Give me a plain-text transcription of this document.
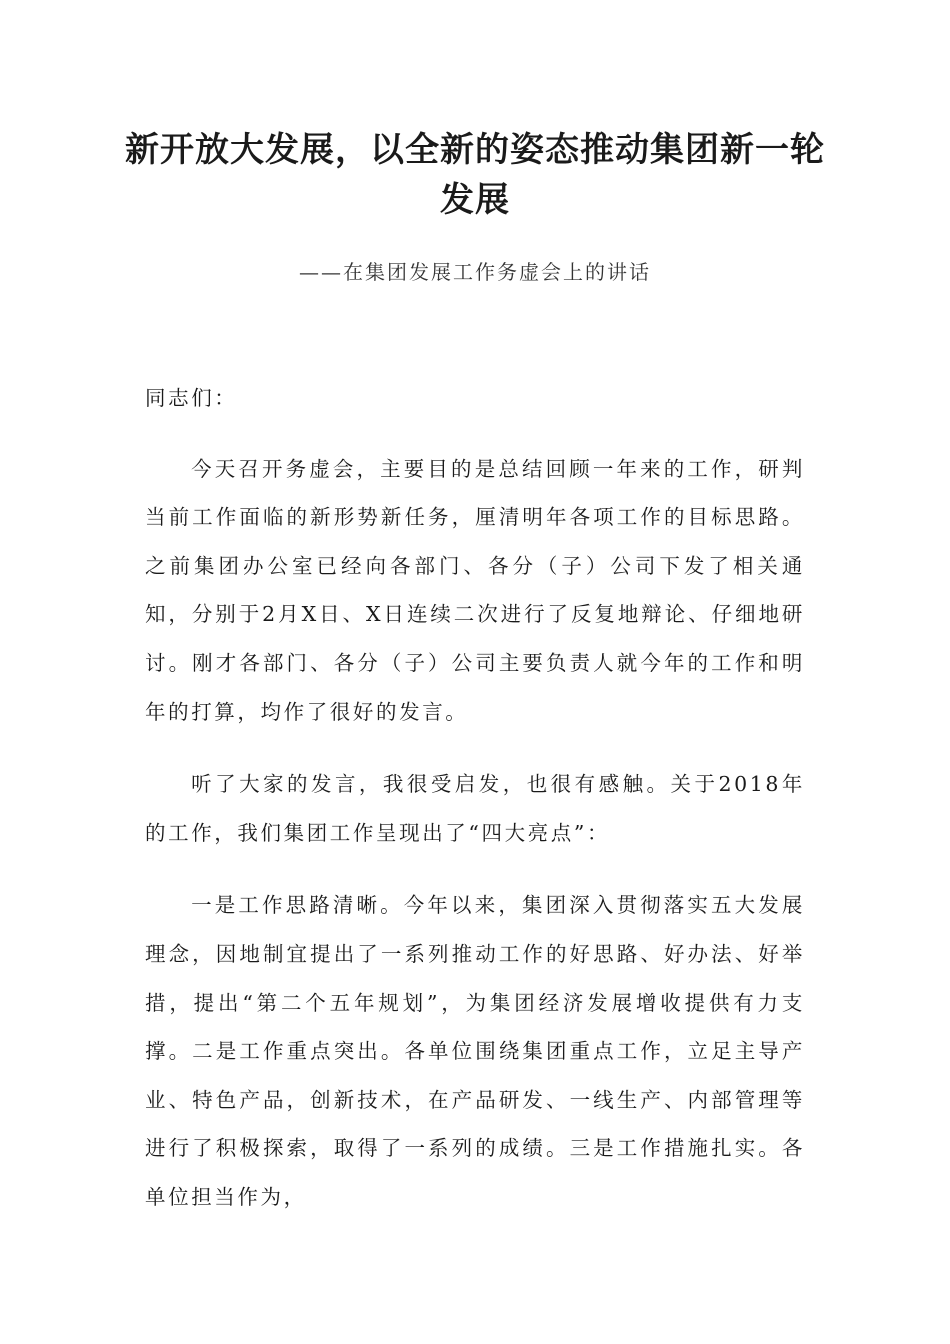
新开放大发展，以全新的姿态推动集团新一轮发展
——在集团发展工作务虚会上的讲话

同志们：

今天召开务虚会，主要目的是总结回顾一年来的工作，研判当前工作面临的新形势新任务，厘清明年各项工作的目标思路。之前集团办公室已经向各部门、各分（子）公司下发了相关通知，分别于2月X日、X日连续二次进行了反复地辩论、仔细地研讨。刚才各部门、各分（子）公司主要负责人就今年的工作和明年的打算，均作了很好的发言。

听了大家的发言，我很受启发，也很有感触。关于2018年的工作，我们集团工作呈现出了“四大亮点”：

一是工作思路清晰。今年以来，集团深入贯彻落实五大发展理念，因地制宜提出了一系列推动工作的好思路、好办法、好举措，提出“第二个五年规划”，为集团经济发展增收提供有力支撑。二是工作重点突出。各单位围绕集团重点工作，立足主导产业、特色产品，创新技术，在产品研发、一线生产、内部管理等进行了积极探索，取得了一系列的成绩。三是工作措施扎实。各单位担当作为，
